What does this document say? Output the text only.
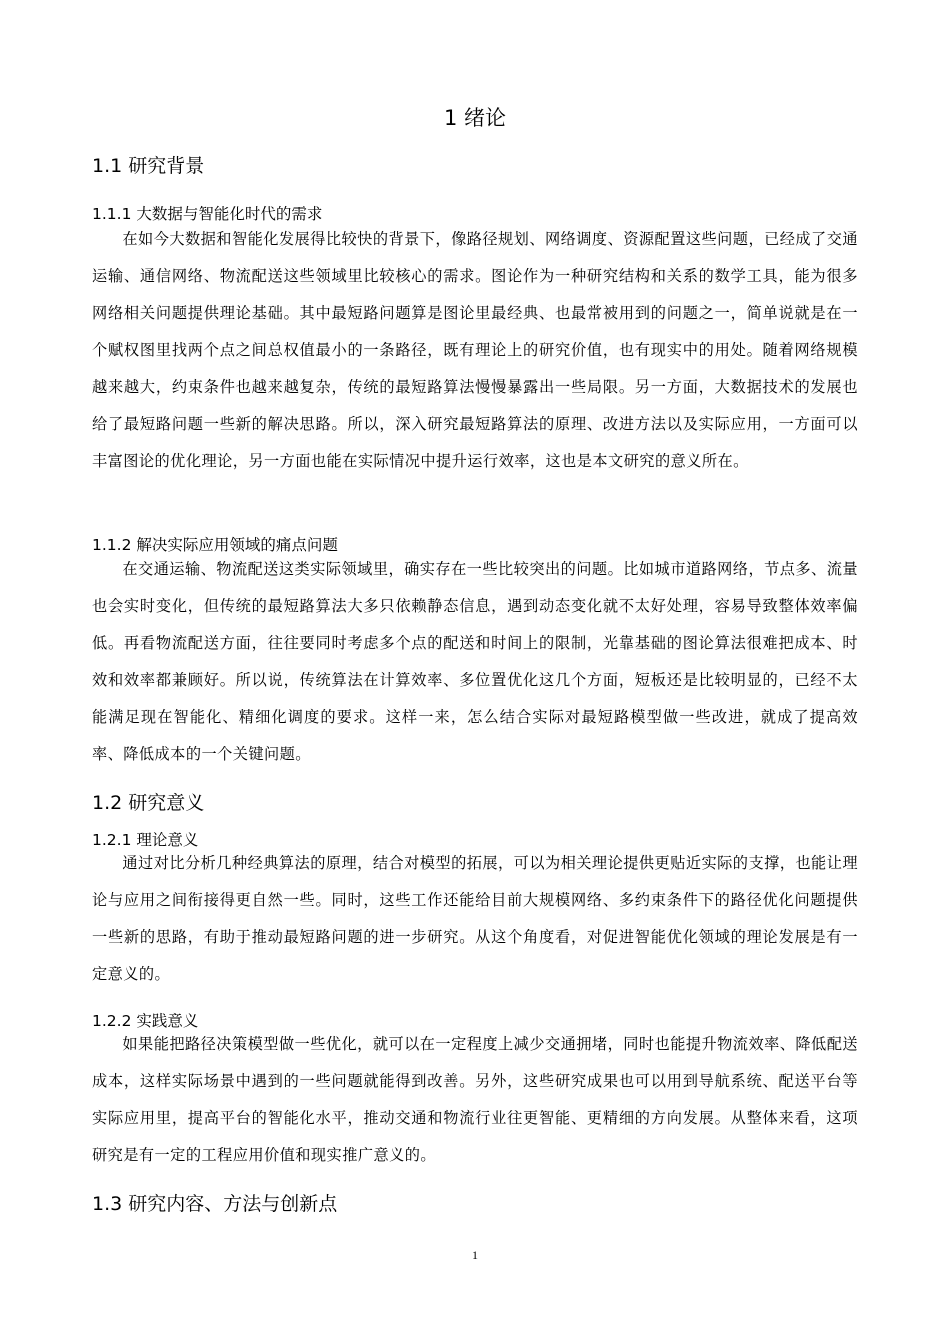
1 绪论
1.1 研究背景
1.1.1 大数据与智能化时代的需求

在如今大数据和智能化发展得比较快的背景下，像路径规划、网络调度、资源配置这些问题，已经成了交通运输、通信网络、物流配送这些领域里比较核心的需求。图论作为一种研究结构和关系的数学工具，能为很多网络相关问题提供理论基础。其中最短路问题算是图论里最经典、也最常被用到的问题之一，简单说就是在一个赋权图里找两个点之间总权值最小的一条路径，既有理论上的研究价值，也有现实中的用处。随着网络规模越来越大，约束条件也越来越复杂，传统的最短路算法慢慢暴露出一些局限。另一方面，大数据技术的发展也给了最短路问题一些新的解决思路。所以，深入研究最短路算法的原理、改进方法以及实际应用，一方面可以丰富图论的优化理论，另一方面也能在实际情况中提升运行效率，这也是本文研究的意义所在。

1.1.2 解决实际应用领域的痛点问题

在交通运输、物流配送这类实际领域里，确实存在一些比较突出的问题。比如城市道路网络，节点多、流量也会实时变化，但传统的最短路算法大多只依赖静态信息，遇到动态变化就不太好处理，容易导致整体效率偏低。再看物流配送方面，往往要同时考虑多个点的配送和时间上的限制，光靠基础的图论算法很难把成本、时效和效率都兼顾好。所以说，传统算法在计算效率、多位置优化这几个方面，短板还是比较明显的，已经不太能满足现在智能化、精细化调度的要求。这样一来，怎么结合实际对最短路模型做一些改进，就成了提高效率、降低成本的一个关键问题。

1.2 研究意义
1.2.1 理论意义

通过对比分析几种经典算法的原理，结合对模型的拓展，可以为相关理论提供更贴近实际的支撑，也能让理论与应用之间衔接得更自然一些。同时，这些工作还能给目前大规模网络、多约束条件下的路径优化问题提供一些新的思路，有助于推动最短路问题的进一步研究。从这个角度看，对促进智能优化领域的理论发展是有一定意义的。

1.2.2 实践意义

如果能把路径决策模型做一些优化，就可以在一定程度上减少交通拥堵，同时也能提升物流效率、降低配送成本，这样实际场景中遇到的一些问题就能得到改善。另外，这些研究成果也可以用到导航系统、配送平台等实际应用里，提高平台的智能化水平，推动交通和物流行业往更智能、更精细的方向发展。从整体来看，这项研究是有一定的工程应用价值和现实推广意义的。

1.3 研究内容、方法与创新点
1
